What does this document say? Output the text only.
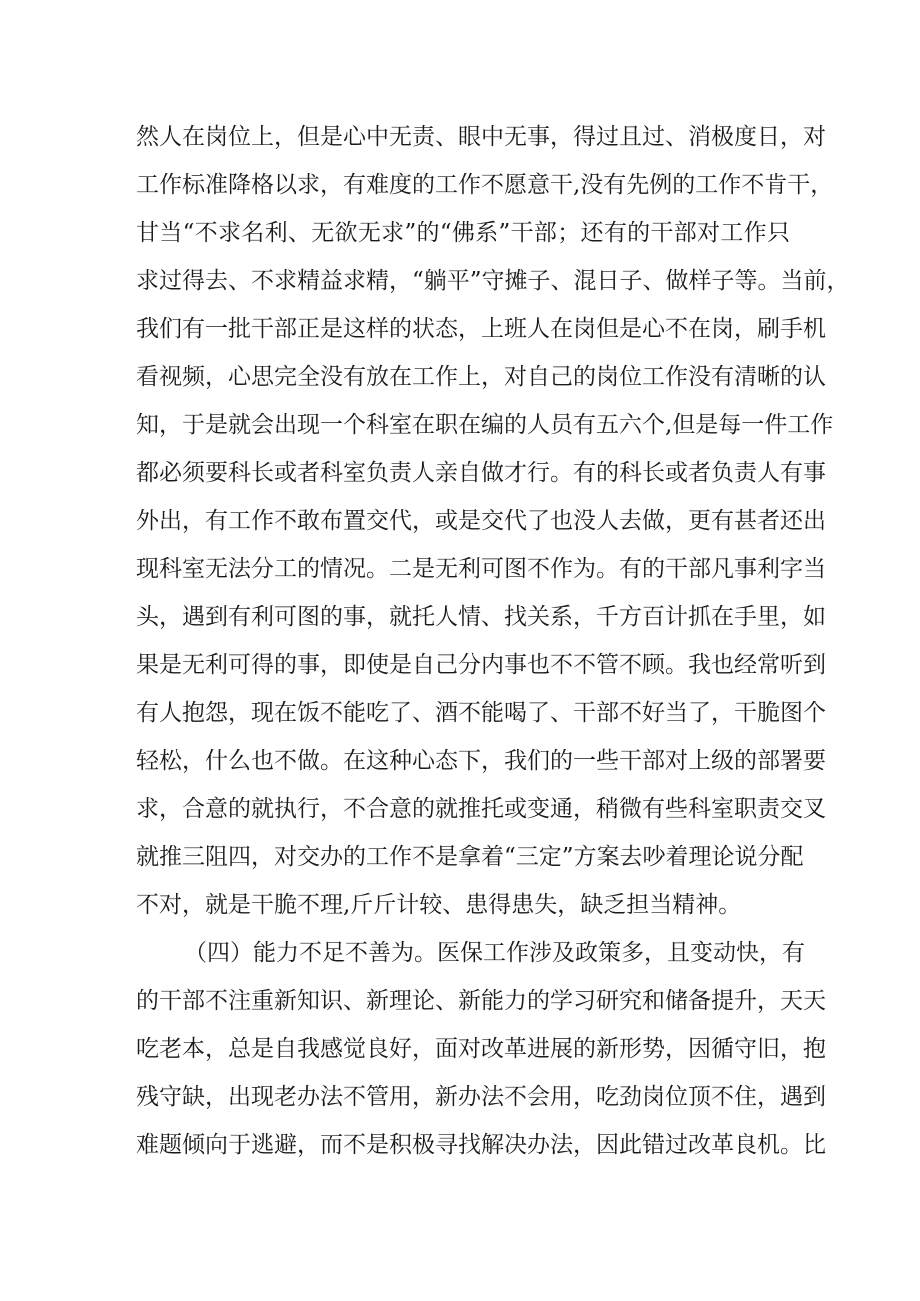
然人在岗位上，但是心中无责、眼中无事，得过且过、消极度日，对
工作标准降格以求，有难度的工作不愿意干,没有先例的工作不肯干，
甘当“不求名利、无欲无求”的“佛系”干部；还有的干部对工作只
求过得去、不求精益求精，“躺平”守摊子、混日子、做样子等。当前，
我们有一批干部正是这样的状态，上班人在岗但是心不在岗，刷手机
看视频，心思完全没有放在工作上，对自己的岗位工作没有清晰的认
知，于是就会出现一个科室在职在编的人员有五六个,但是每一件工作
都必须要科长或者科室负责人亲自做才行。有的科长或者负责人有事
外出，有工作不敢布置交代，或是交代了也没人去做，更有甚者还出
现科室无法分工的情况。二是无利可图不作为。有的干部凡事利字当
头，遇到有利可图的事，就托人情、找关系，千方百计抓在手里，如
果是无利可得的事，即使是自己分内事也不不管不顾。我也经常听到
有人抱怨，现在饭不能吃了、酒不能喝了、干部不好当了，干脆图个
轻松，什么也不做。在这种心态下，我们的一些干部对上级的部署要
求，合意的就执行，不合意的就推托或变通，稍微有些科室职责交叉
就推三阻四，对交办的工作不是拿着“三定”方案去吵着理论说分配
不对，就是干脆不理,斤斤计较、患得患失，缺乏担当精神。
（四）能力不足不善为。医保工作涉及政策多，且变动快，有
的干部不注重新知识、新理论、新能力的学习研究和储备提升，天天
吃老本，总是自我感觉良好，面对改革进展的新形势，因循守旧，抱
残守缺，出现老办法不管用，新办法不会用，吃劲岗位顶不住，遇到
难题倾向于逃避，而不是积极寻找解决办法，因此错过改革良机。比
